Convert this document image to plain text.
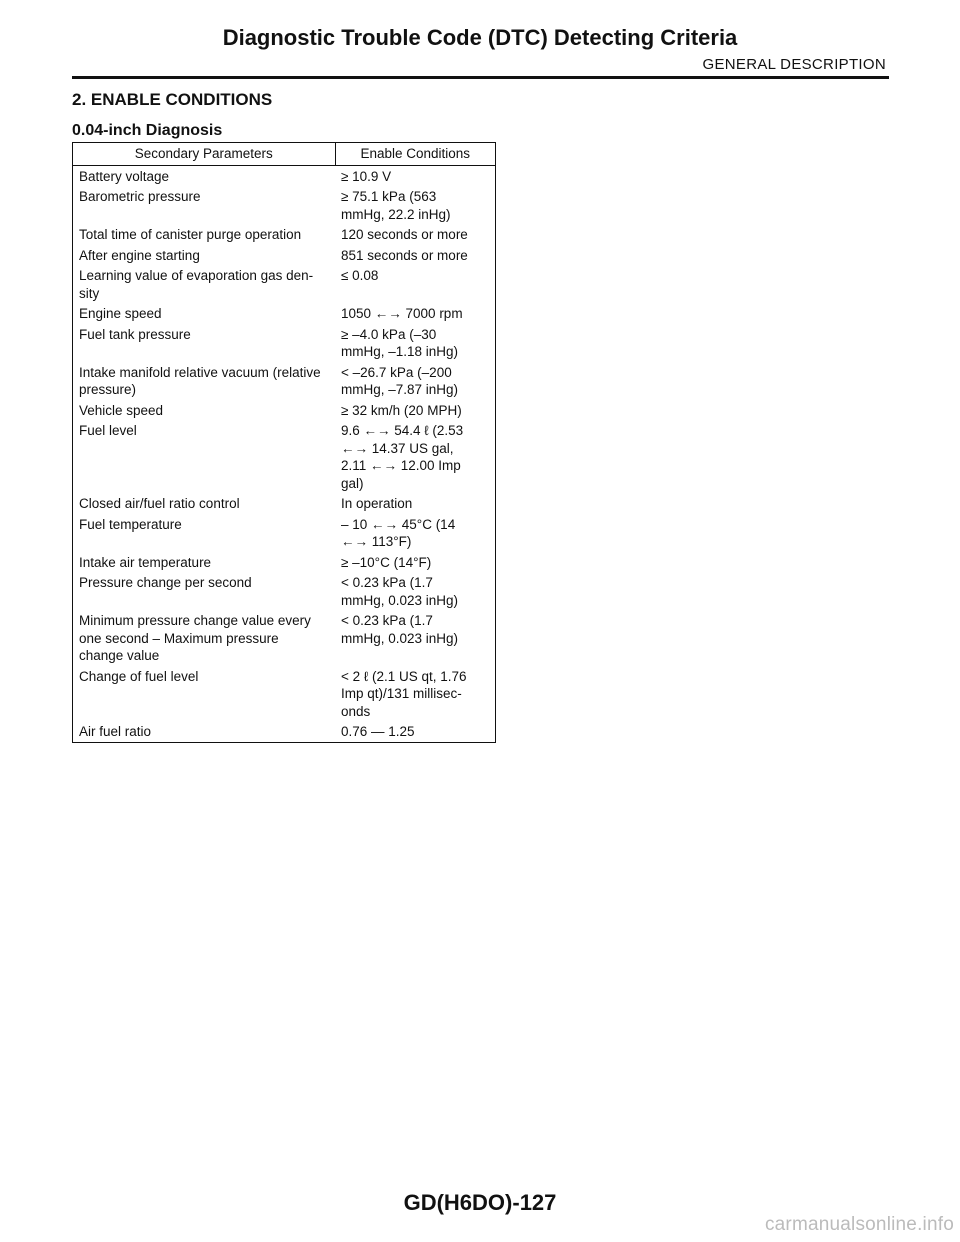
Diagnostic Trouble Code (DTC) Detecting Criteria
GENERAL DESCRIPTION
2. ENABLE CONDITIONS
0.04-inch Diagnosis
Secondary Parameters	Enable Conditions
Battery voltage	≥ 10.9 V
Barometric pressure	≥ 75.1 kPa (563
mmHg, 22.2 inHg)
Total time of canister purge operation	120 seconds or more
After engine starting	851 seconds or more
Learning value of evaporation gas den-
sity	≤ 0.08
Engine speed	1050 ←→ 7000 rpm
Fuel tank pressure	≥ –4.0 kPa (–30
mmHg, –1.18 inHg)
Intake manifold relative vacuum (relative
pressure)	< –26.7 kPa (–200
mmHg, –7.87 inHg)
Vehicle speed	≥ 32 km/h (20 MPH)
Fuel level	9.6 ←→ 54.4 ℓ (2.53
←→ 14.37 US gal,
2.11 ←→ 12.00 Imp
gal)
Closed air/fuel ratio control	In operation
Fuel temperature	– 10 ←→ 45°C (14
←→ 113°F)
Intake air temperature	≥ –10°C (14°F)
Pressure change per second	< 0.23 kPa (1.7
mmHg, 0.023 inHg)
Minimum pressure change value every
one second – Maximum pressure
change value	< 0.23 kPa (1.7
mmHg, 0.023 inHg)
Change of fuel level	< 2 ℓ (2.1 US qt, 1.76
Imp qt)/131 millisec-
onds
Air fuel ratio	0.76 — 1.25
GD(H6DO)-127
carmanualsonline.info
